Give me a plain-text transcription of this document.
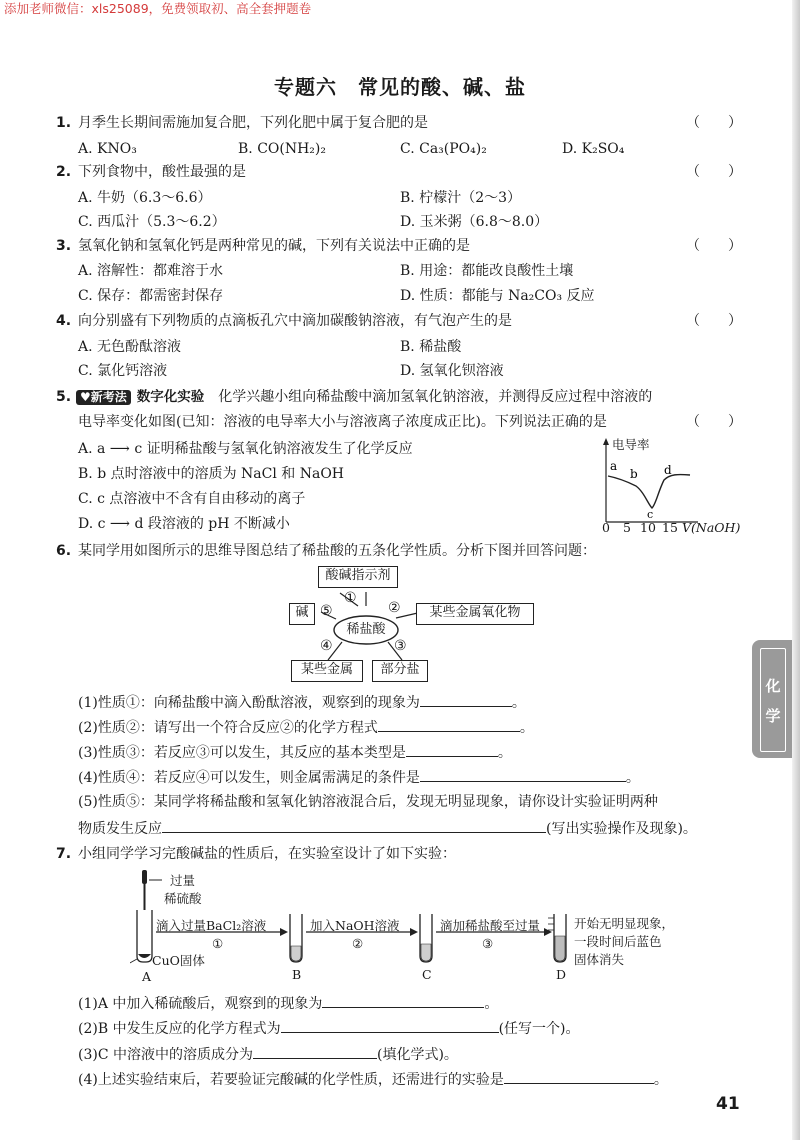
添加老师微信：xls25089，免费领取初、高全套押题卷
专题六　常见的酸、碱、盐
1. 月季生长期间需施加复合肥，下列化肥中属于复合肥的是	（　　）
A. KNO₃	B. CO(NH₂)₂	C. Ca₃(PO₄)₂	D. K₂SO₄
2. 下列食物中，酸性最强的是	（　　）
A. 牛奶（6.3～6.6）	B. 柠檬汁（2～3）
C. 西瓜汁（5.3～6.2）	D. 玉米粥（6.8～8.0）
3. 氢氧化钠和氢氧化钙是两种常见的碱，下列有关说法中正确的是	（　　）
A. 溶解性：都难溶于水	B. 用途：都能改良酸性土壤
C. 保存：都需密封保存	D. 性质：都能与 Na₂CO₃ 反应
4. 向分别盛有下列物质的点滴板孔穴中滴加碳酸钠溶液，有气泡产生的是	（　　）
A. 无色酚酞溶液	B. 稀盐酸
C. 氯化钙溶液	D. 氢氧化钡溶液
5. ♥新考法 数字化实验　 化学兴趣小组向稀盐酸中滴加氢氧化钠溶液，并测得反应过程中溶液的
电导率变化如图(已知：溶液的电导率大小与溶液离子浓度成正比)。下列说法正确的是	（　　）
A. a ⟶ c 证明稀盐酸与氢氧化钠溶液发生了化学反应
B. b 点时溶液中的溶质为 NaCl 和 NaOH
C. c 点溶液中不含有自由移动的离子
D. c ⟶ d 段溶液的 pH 不断减小
a
b
c
d
电导率
0 5 10 15 V(NaOH)
6. 某同学用如图所示的思维导图总结了稀盐酸的五条化学性质。分析下图并回答问题：
稀盐酸
酸碱指示剂
某些金属氧化物
碱
某些金属	部分盐
①
②
③
④
⑤
(1)性质①：向稀盐酸中滴入酚酞溶液，观察到的现象为	。
(2)性质②：请写出一个符合反应②的化学方程式	。
(3)性质③：若反应③可以发生，其反应的基本类型是	。
(4)性质④：若反应④可以发生，则金属需满足的条件是	。
(5)性质⑤：某同学将稀盐酸和氢氧化钠溶液混合后，发现无明显现象，请你设计实验证明两种
物质发生反应	(写出实验操作及现象)。
7. 小组同学学习完酸碱盐的性质后，在实验室设计了如下实验：
过量
稀硫酸
滴入过量BaCl₂溶液
①
加入NaOH溶液
②
滴加稀盐酸至过量
③
CuO固体
A	B	C	D
开始无明显现象，
一段时间后蓝色
固体消失
(1)A 中加入稀硫酸后，观察到的现象为	。
(2)B 中发生反应的化学方程式为	(任写一个)。
(3)C 中溶液中的溶质成分为	(填化学式)。
(4)上述实验结束后，若要验证完酸碱的化学性质，还需进行的实验是	。
化
学
41
